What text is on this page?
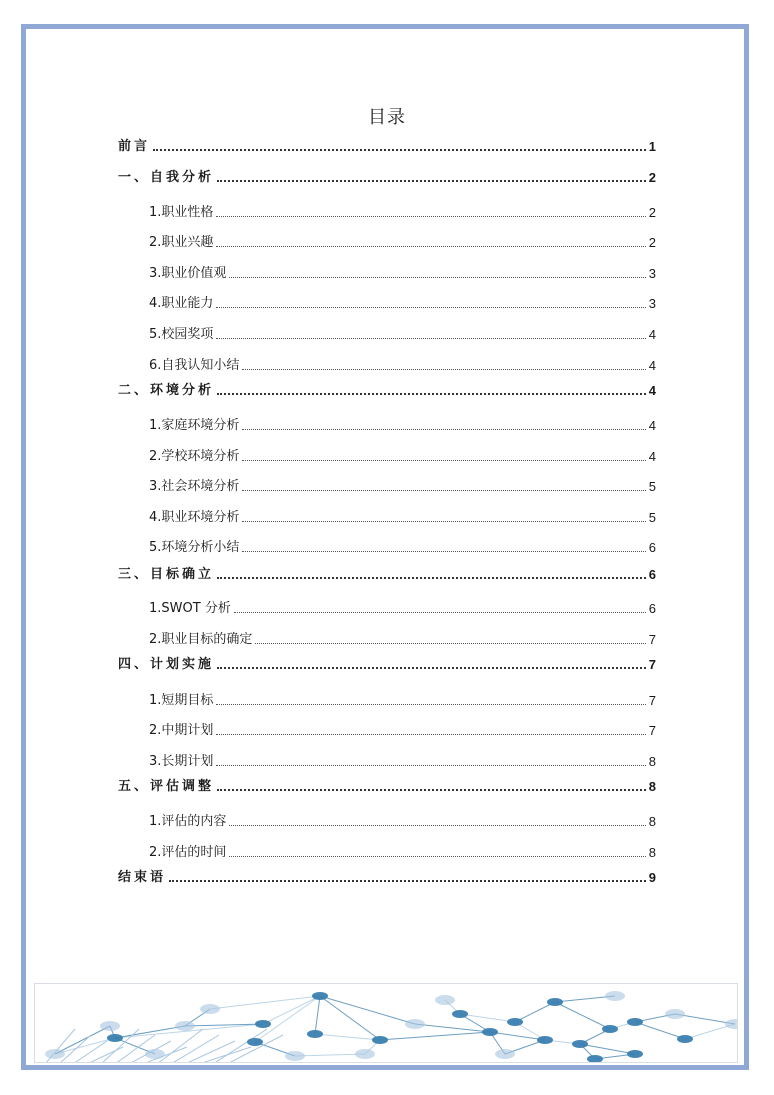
目录
前言	1
一、自我分析	2
1.职业性格	2
2.职业兴趣	2
3.职业价值观	3
4.职业能力	3
5.校园奖项	4
6.自我认知小结	4
二、环境分析	4
1.家庭环境分析	4
2.学校环境分析	4
3.社会环境分析	5
4.职业环境分析	5
5.环境分析小结	6
三、目标确立	6
1.SWOT 分析	6
2.职业目标的确定	7
四、计划实施	7
1.短期目标	7
2.中期计划	7
3.长期计划	8
五、评估调整	8
1.评估的内容	8
2.评估的时间	8
结束语	9
